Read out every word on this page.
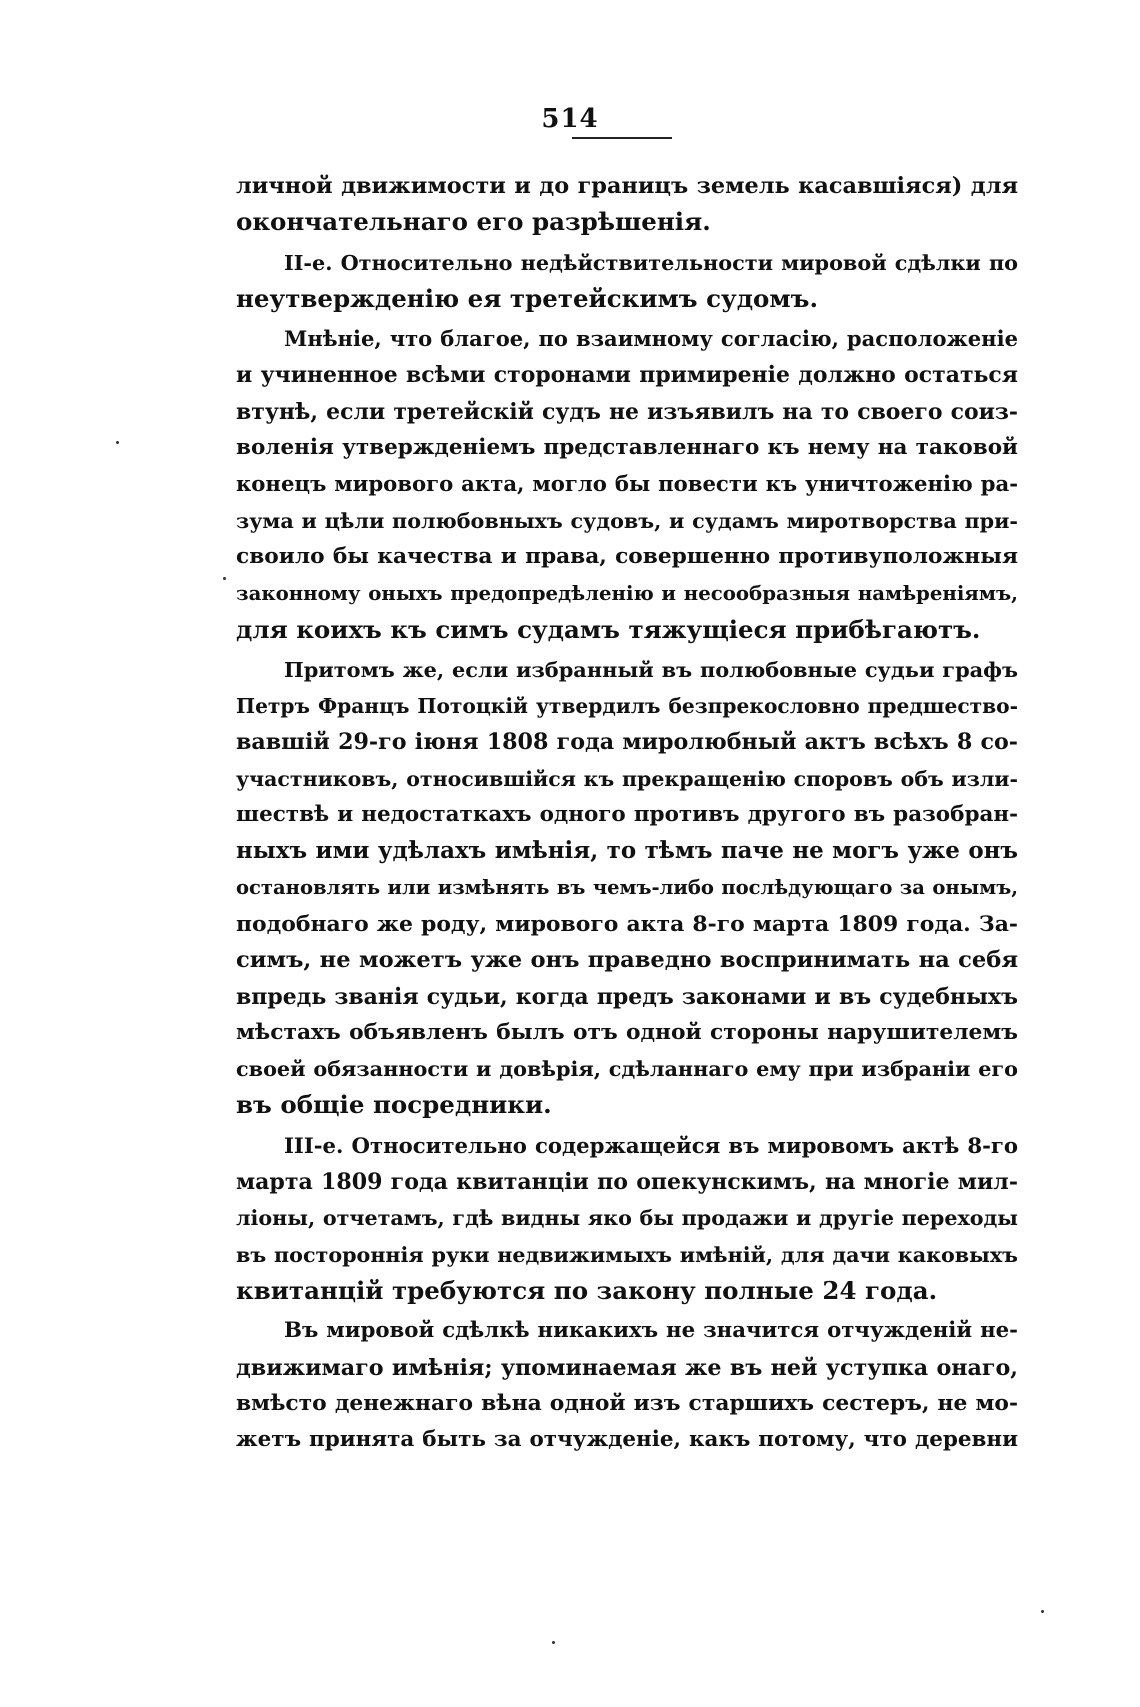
514
личной движимости и до границъ земель касавшіяся) для
окончательнаго его разрѣшенія.
II-е. Относительно недѣйствительности мировой сдѣлки по
неутвержденію ея третейскимъ судомъ.
Мнѣніе, что благое, по взаимному согласію, расположеніе
и учиненное всѣми сторонами примиреніе должно остаться
втунѣ, если третейскій судъ не изъявилъ на то своего соиз-
воленія утвержденіемъ представленнаго къ нему на таковой
конецъ мирового акта, могло бы повести къ уничтоженію ра-
зума и цѣли полюбовныхъ судовъ, и судамъ миротворства при-
своило бы качества и права, совершенно противуположныя
законному оныхъ предопредѣленію и несообразныя намѣреніямъ,
для коихъ къ симъ судамъ тяжущіеся прибѣгаютъ.
Притомъ же, если избранный въ полюбовные судьи графъ
Петръ Францъ Потоцкій утвердилъ безпрекословно предшество-
вавшій 29-го іюня 1808 года миролюбный актъ всѣхъ 8 со-
участниковъ, относившійся къ прекращенію споровъ объ изли-
шествѣ и недостаткахъ одного противъ другого въ разобран-
ныхъ ими удѣлахъ имѣнія, то тѣмъ паче не могъ уже онъ
остановлять или измѣнять въ чемъ-либо послѣдующаго за онымъ,
подобнаго же роду, мирового акта 8-го марта 1809 года. За-
симъ, не можетъ уже онъ праведно воспринимать на себя
впредь званія судьи, когда предъ законами и въ судебныхъ
мѣстахъ объявленъ былъ отъ одной стороны нарушителемъ
своей обязанности и довѣрія, сдѣланнаго ему при избраніи его
въ общіе посредники.
III-е. Относительно содержащейся въ мировомъ актѣ 8-го
марта 1809 года квитанціи по опекунскимъ, на многіе мил-
ліоны, отчетамъ, гдѣ видны яко бы продажи и другіе переходы
въ постороннія руки недвижимыхъ имѣній, для дачи каковыхъ
квитанцій требуются по закону полные 24 года.
Въ мировой сдѣлкѣ никакихъ не значится отчужденій не-
движимаго имѣнія; упоминаемая же въ ней уступка онаго,
вмѣсто денежнаго вѣна одной изъ старшихъ сестеръ, не мо-
жетъ принята быть за отчужденіе, какъ потому, что деревни
